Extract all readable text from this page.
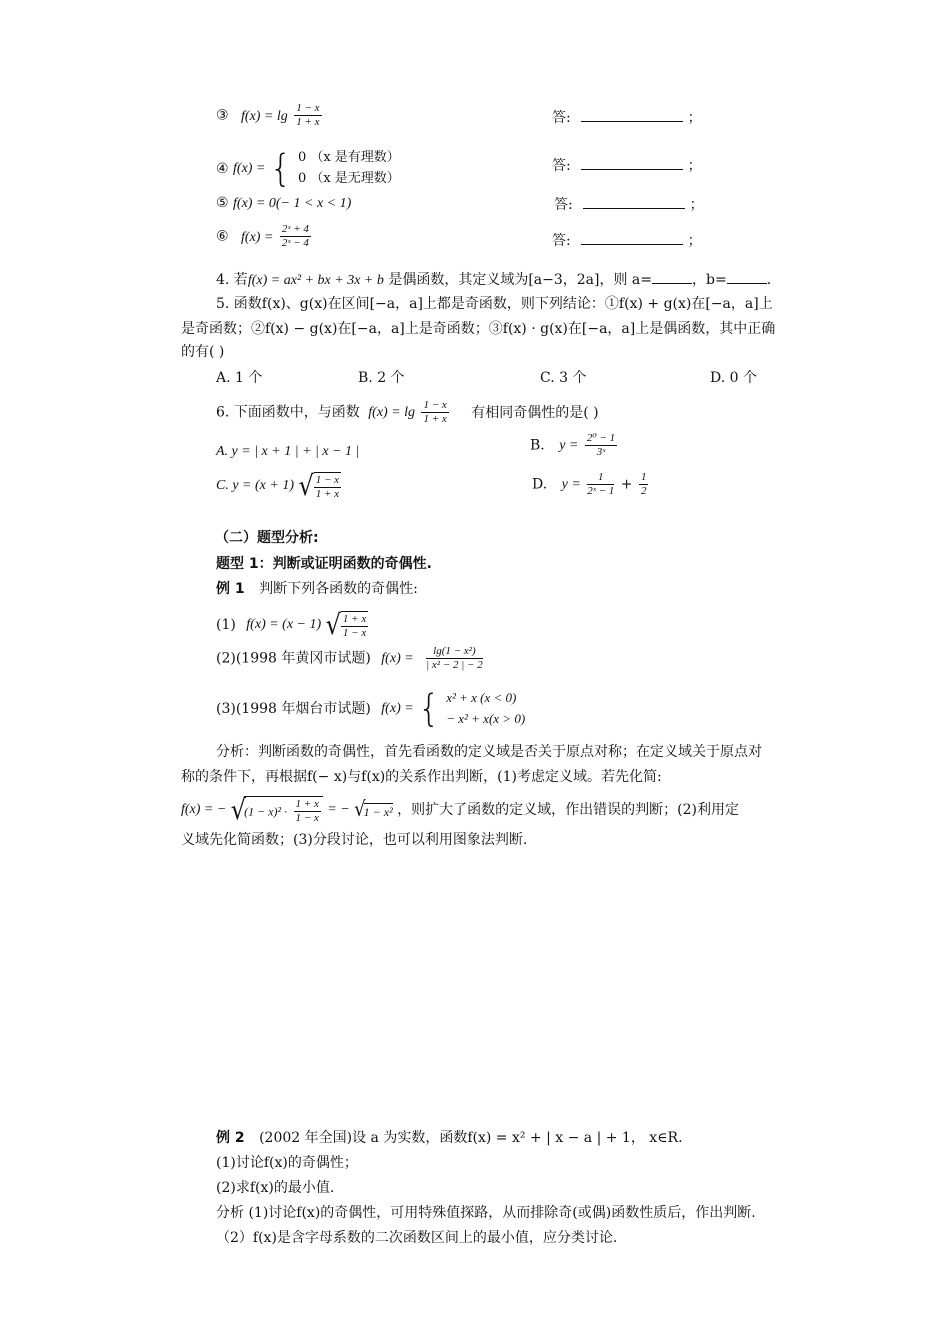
③ $f(x) = \lg \frac{1 - x}{1 + x}$	答:	；
④ f(x) = { 0 （x 是有理数）
0 （x 是无理数）
答:	；
⑤ f(x) = 0(− 1 < x < 1)	答:	；
⑥ $f(x) = \frac{\text{2ˣ + 4}}{\text{2ˣ − 4}}$	答:	；
4. 若f(x) = ax² + bx + 3x + b 是偶函数，其定义域为[a−3，2a]，则 a=	，b=	.
5. 函数f(x)、g(x)在区间[−a，a]上都是奇函数，则下列结论：①f(x) + g(x)在[−a，a]上
是奇函数；②f(x) − g(x)在[−a，a]上是奇函数；③f(x) · g(x)在[−a，a]上是偶函数，其中正确
的有( )
A. 1 个	B. 2 个	C. 3 个	D. 0 个
6. 下面函数中，与函数 $f(x) = \lg \frac{1 - x}{1 + x}$ 有相同奇偶性的是( )
A. y = | x + 1 | + | x − 1 |	B. $y = \frac{\text{2⁰ − 1}}{\text{3ˣ}}$
C. y = (x + 1) √ $\frac{1 - x}{1 + x}$	D. $y = \frac{1}{\text{2ˣ − 1}} + \frac{1}{2}$
（二）题型分析:
题型 1：判断或证明函数的奇偶性.
例 1 判断下列各函数的奇偶性:
(1) f(x) = (x − 1) √ $\frac{1 + x}{1 - x}$
(2)(1998 年黄冈市试题) $f(x) = \frac{\text{lg(1 − x²)}}{\text{| x² − 2 | − 2}}$
(3)(1998 年烟台市试题) f(x) = { x² + x (x < 0)
− x² + x(x > 0)
分析：判断函数的奇偶性，首先看函数的定义域是否关于原点对称；在定义域关于原点对
称的条件下，再根据f(− x)与f(x)的关系作出判断，(1)考虑定义域。若先化简:
f(x) = − $√(1 - x)^2 \cdot \frac{1 + x}{1 - x}$ = − √1 − x² ，则扩大了函数的定义域，作出错误的判断；(2)利用定
义域先化简函数；(3)分段讨论，也可以利用图象法判断.
例 2 (2002 年全国)设 a 为实数，函数f(x) = x² + | x − a | + 1， x∈R.
(1)讨论f(x)的奇偶性；
(2)求f(x)的最小值.
分析 (1)讨论f(x)的奇偶性，可用特殊值探路，从而排除奇(或偶)函数性质后，作出判断.
（2）f(x)是含字母系数的二次函数区间上的最小值，应分类讨论.
